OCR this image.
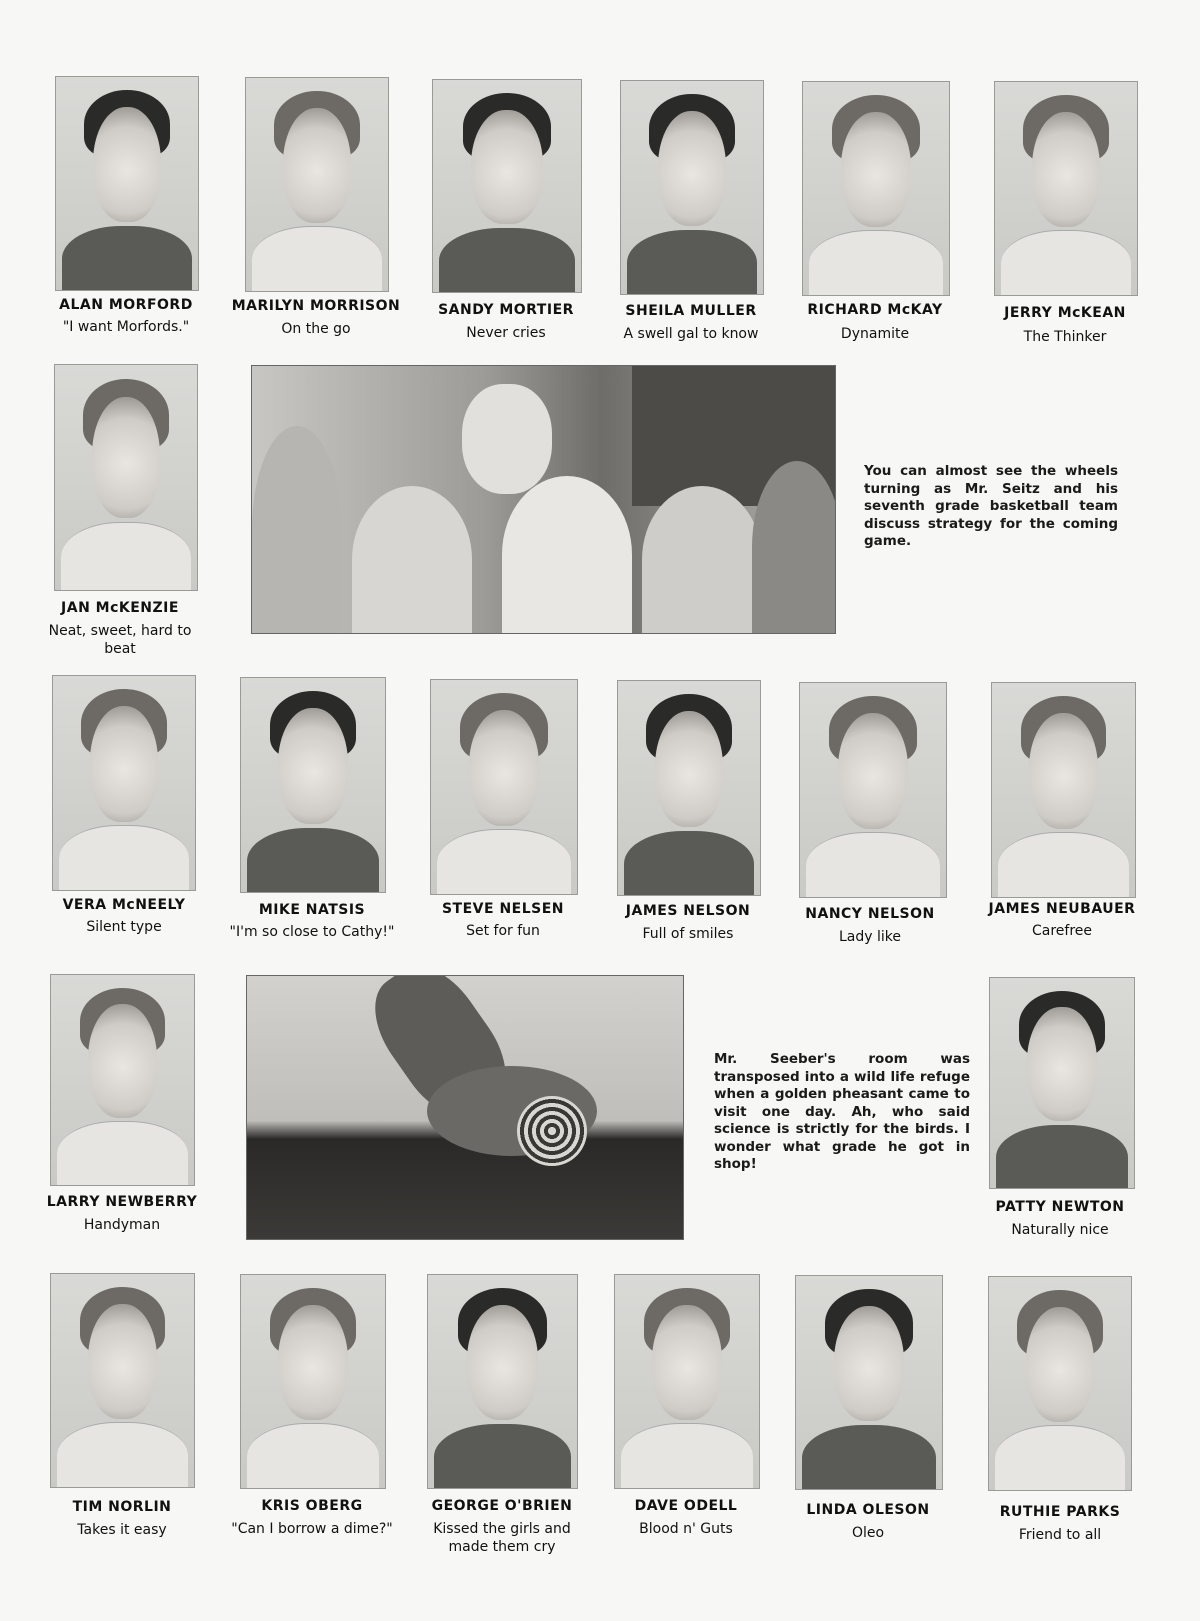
ALAN MORFORD
"I want Morfords."
MARILYN MORRISON
On the go
SANDY MORTIER
Never cries
SHEILA MULLER
A swell gal to know
RICHARD McKAY
Dynamite
JERRY McKEAN
The Thinker
JAN McKENZIE
Neat, sweet, hard to beat
You can almost see the wheels turning as Mr. Seitz and his seventh grade basketball team discuss strategy for the coming game.
VERA McNEELY
Silent type
MIKE NATSIS
"I'm so close to Cathy!"
STEVE NELSEN
Set for fun
JAMES NELSON
Full of smiles
NANCY NELSON
Lady like
JAMES NEUBAUER
Carefree
LARRY NEWBERRY
Handyman
Mr. Seeber's room was transposed into a wild life refuge when a golden pheasant came to visit one day. Ah, who said science is strictly for the birds. I wonder what grade he got in shop!
PATTY NEWTON
Naturally nice
TIM NORLIN
Takes it easy
KRIS OBERG
"Can I borrow a dime?"
GEORGE O'BRIEN
Kissed the girls and made them cry
DAVE ODELL
Blood n' Guts
LINDA OLESON
Oleo
RUTHIE PARKS
Friend to all
